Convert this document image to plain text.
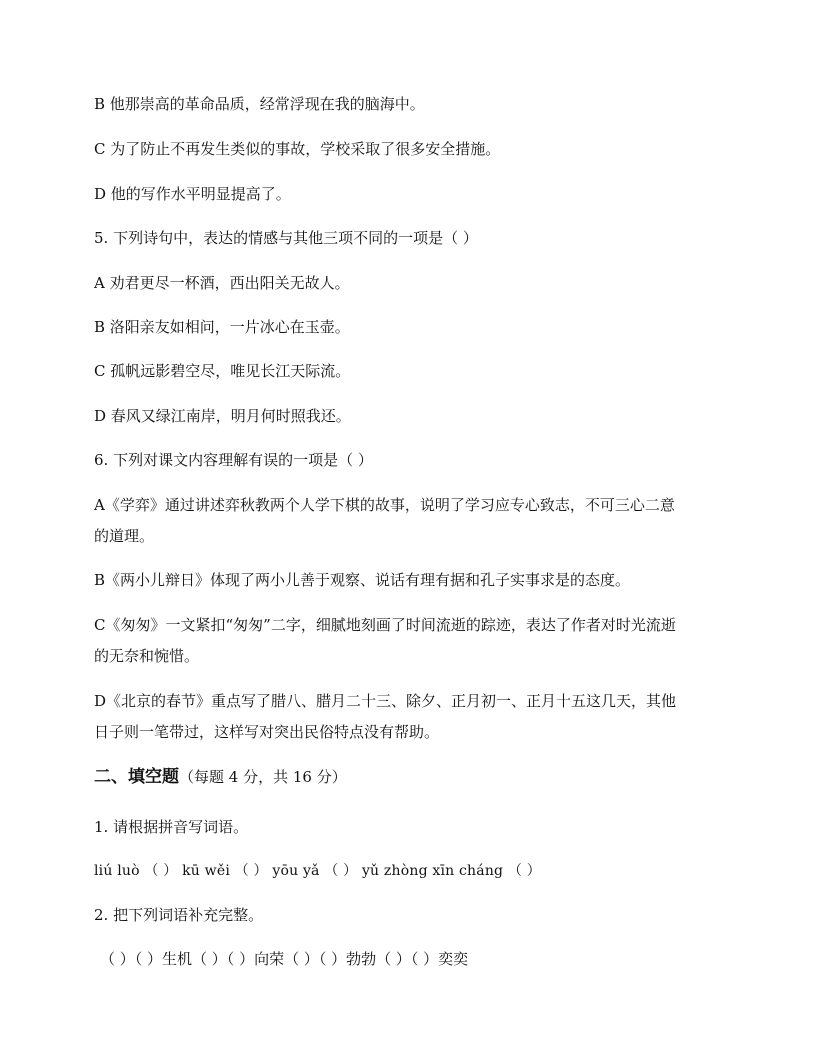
B 他那崇高的革命品质，经常浮现在我的脑海中。
C 为了防止不再发生类似的事故，学校采取了很多安全措施。
D 他的写作水平明显提高了。
5. 下列诗句中，表达的情感与其他三项不同的一项是（ ）
A 劝君更尽一杯酒，西出阳关无故人。
B 洛阳亲友如相问，一片冰心在玉壶。
C 孤帆远影碧空尽，唯见长江天际流。
D 春风又绿江南岸，明月何时照我还。
6. 下列对课文内容理解有误的一项是（ ）
A《学弈》通过讲述弈秋教两个人学下棋的故事，说明了学习应专心致志，不可三心二意
的道理。
B《两小儿辩日》体现了两小儿善于观察、说话有理有据和孔子实事求是的态度。
C《匆匆》一文紧扣“匆匆”二字，细腻地刻画了时间流逝的踪迹，表达了作者对时光流逝
的无奈和惋惜。
D《北京的春节》重点写了腊八、腊月二十三、除夕、正月初一、正月十五这几天，其他
日子则一笔带过，这样写对突出民俗特点没有帮助。
二、填空题（每题 4 分，共 16 分）
1. 请根据拼音写词语。
liú luò （ ） kū wěi （ ） yōu yǎ （ ） yǔ zhòng xīn cháng （ ）
2. 把下列词语补充完整。
（ ）（ ）生机（ ）（ ）向荣（ ）（ ）勃勃（ ）（ ）奕奕
